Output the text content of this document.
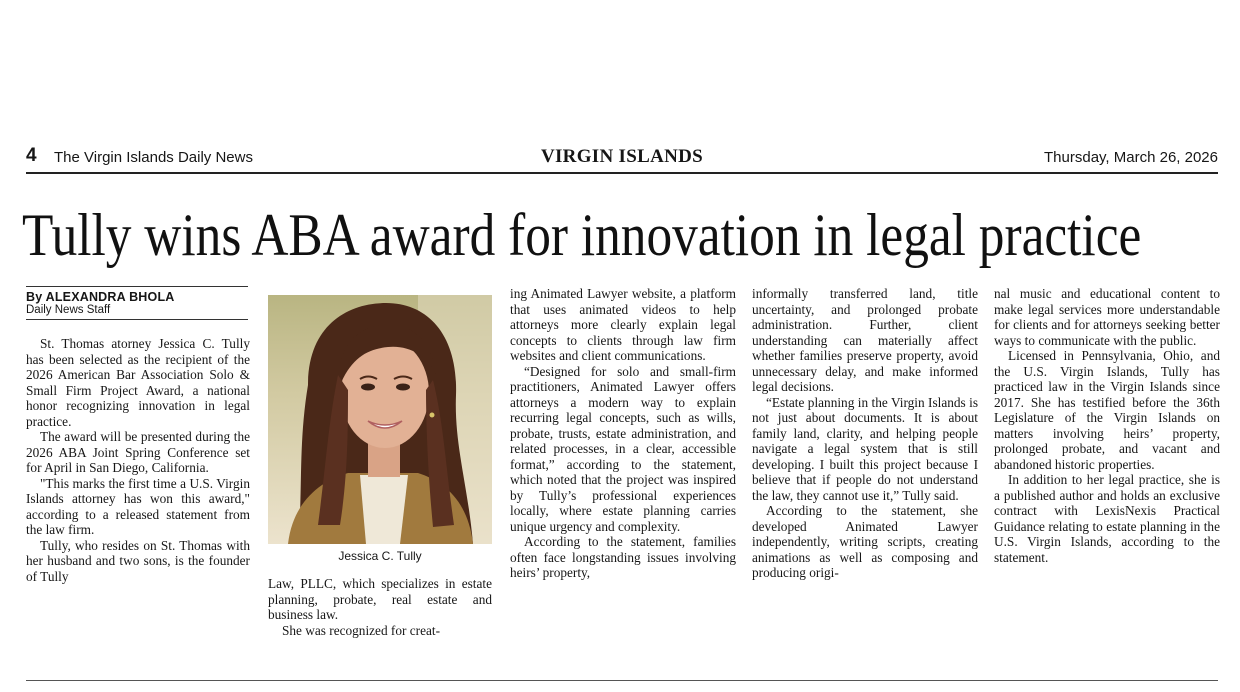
4 The Virgin Islands Daily News	VIRGIN ISLANDS	Thursday, March 26, 2026
Tully wins ABA award for innovation in legal practice
By ALEXANDRA BHOLA
Daily News Staff

St. Thomas atorney Jessica C. Tully has been selected as the recipient of the 2026 American Bar Association Solo & Small Firm Project Award, a national honor recognizing innovation in legal practice.

The award will be presented during the 2026 ABA Joint Spring Conference set for April in San Diego, California.

"This marks the first time a U.S. Virgin Islands attorney has won this award," according to a released statement from the law firm.

Tully, who resides on St. Thomas with her husband and two sons, is the founder of Tully

Jessica C. Tully

Law, PLLC, which specializes in estate planning, probate, real estate and business law.

She was recognized for creat-

ing Animated Lawyer website, a platform that uses animated videos to help attorneys more clearly explain legal concepts to clients through law firm websites and client communications.

“Designed for solo and small-firm practitioners, Animated Lawyer offers attorneys a modern way to explain recurring legal concepts, such as wills, probate, trusts, estate administration, and related processes, in a clear, accessible format,” according to the statement, which noted that the project was inspired by Tully’s professional experiences locally, where estate planning carries unique urgency and complexity.

According to the statement, families often face longstanding issues involving heirs’ property,

informally transferred land, title uncertainty, and prolonged probate administration. Further, client understanding can materially affect whether families preserve property, avoid unnecessary delay, and make informed legal decisions.

“Estate planning in the Virgin Islands is not just about documents. It is about family land, clarity, and helping people navigate a legal system that is still developing. I built this project because I believe that if people do not understand the law, they cannot use it,” Tully said.

According to the statement, she developed Animated Lawyer independently, writing scripts, creating animations as well as composing and producing origi-

nal music and educational content to make legal services more understandable for clients and for attorneys seeking better ways to communicate with the public.

Licensed in Pennsylvania, Ohio, and the U.S. Virgin Islands, Tully has practiced law in the Virgin Islands since 2017. She has testified before the 36th Legislature of the Virgin Islands on matters involving heirs’ property, prolonged probate, and vacant and abandoned historic properties.

In addition to her legal practice, she is a published author and holds an exclusive contract with LexisNexis Practical Guidance relating to estate planning in the U.S. Virgin Islands, according to the statement.
